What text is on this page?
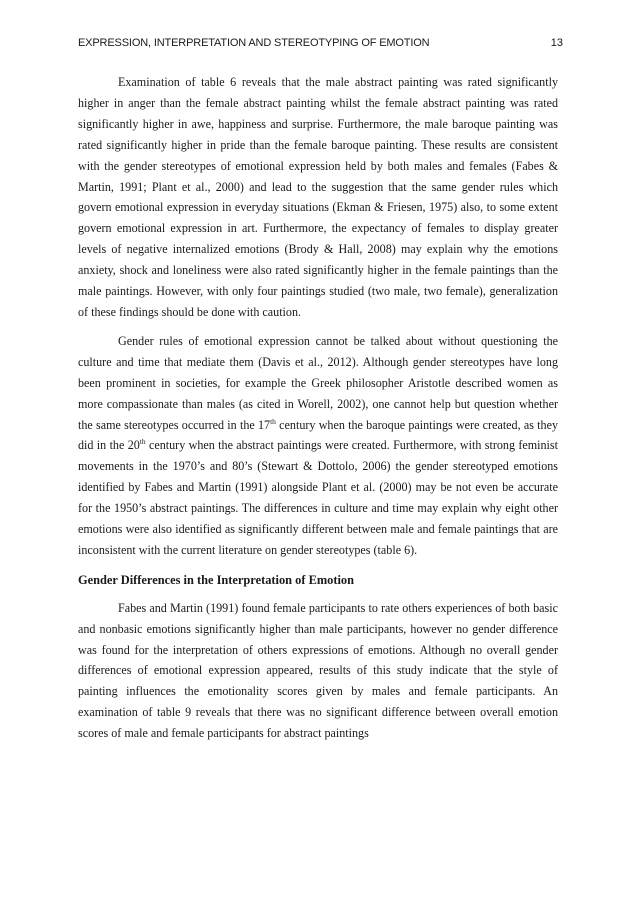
EXPRESSION, INTERPRETATION AND STEREOTYPING OF EMOTION	13

Examination of table 6 reveals that the male abstract painting was rated significantly higher in anger than the female abstract painting whilst the female abstract painting was rated significantly higher in awe, happiness and surprise. Furthermore, the male baroque painting was rated significantly higher in pride than the female baroque painting. These results are consistent with the gender stereotypes of emotional expression held by both males and females (Fabes & Martin, 1991; Plant et al., 2000) and lead to the suggestion that the same gender rules which govern emotional expression in everyday situations (Ekman & Friesen, 1975) also, to some extent govern emotional expression in art. Furthermore, the expectancy of females to display greater levels of negative internalized emotions (Brody & Hall, 2008) may explain why the emotions anxiety, shock and loneliness were also rated significantly higher in the female paintings than the male paintings. However, with only four paintings studied (two male, two female), generalization of these findings should be done with caution.

Gender rules of emotional expression cannot be talked about without questioning the culture and time that mediate them (Davis et al., 2012). Although gender stereotypes have long been prominent in societies, for example the Greek philosopher Aristotle described women as more compassionate than males (as cited in Worell, 2002), one cannot help but question whether the same stereotypes occurred in the 17th century when the baroque paintings were created, as they did in the 20th century when the abstract paintings were created. Furthermore, with strong feminist movements in the 1970’s and 80’s (Stewart & Dottolo, 2006) the gender stereotyped emotions identified by Fabes and Martin (1991) alongside Plant et al. (2000) may be not even be accurate for the 1950’s abstract paintings. The differences in culture and time may explain why eight other emotions were also identified as significantly different between male and female paintings that are inconsistent with the current literature on gender stereotypes (table 6).

Gender Differences in the Interpretation of Emotion

Fabes and Martin (1991) found female participants to rate others experiences of both basic and nonbasic emotions significantly higher than male participants, however no gender difference was found for the interpretation of others expressions of emotions. Although no overall gender differences of emotional expression appeared, results of this study indicate that the style of painting influences the emotionality scores given by males and female participants. An examination of table 9 reveals that there was no significant difference between overall emotion scores of male and female participants for abstract paintings
